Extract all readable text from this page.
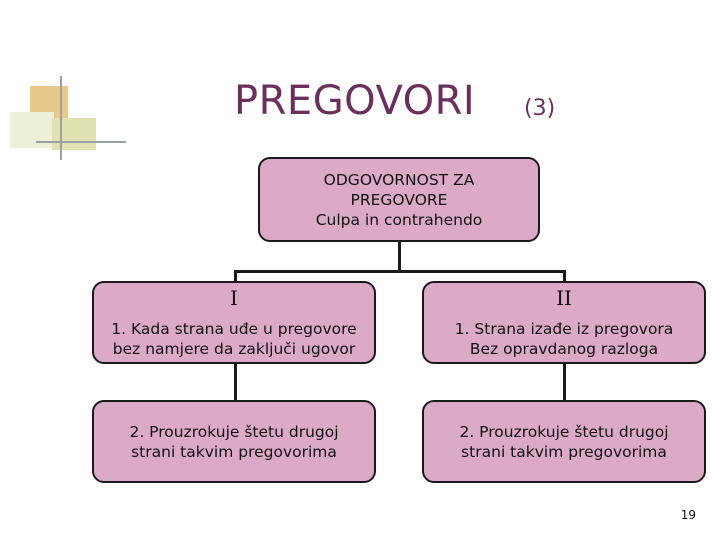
PREGOVORI (3)
ODGOVORNOST ZA
PREGOVORE
Culpa in contrahendo
I
1. Kada strana uđe u pregovore
bez namjere da zaključi ugovor
2. Prouzrokuje štetu drugoj
strani takvim pregovorima
II
1. Strana izađe iz pregovora
Bez opravdanog razloga
2. Prouzrokuje štetu drugoj
strani takvim pregovorima
19
